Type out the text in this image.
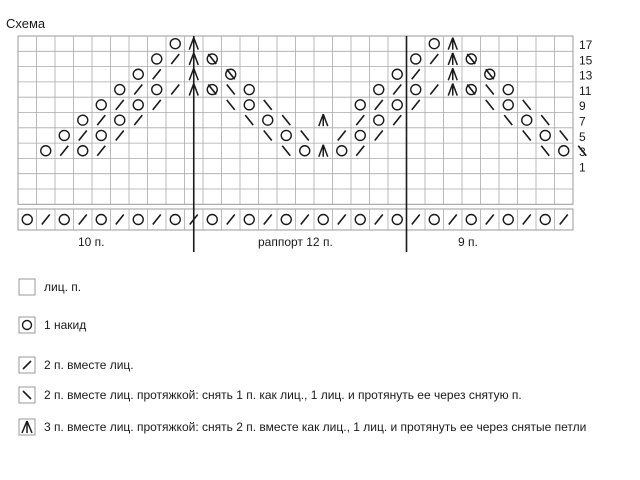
Схема
17
15
13
11
9
7
5
3
1
10 п.	раппорт 12 п.	9 п.
лиц. п.
1 накид
2 п. вместе лиц.
2 п. вместе лиц. протяжкой: снять 1 п. как лиц., 1 лиц. и протянуть ее через снятую п.
3 п. вместе лиц. протяжкой: снять 2 п. вместе как лиц., 1 лиц. и протянуть ее через снятые петли
